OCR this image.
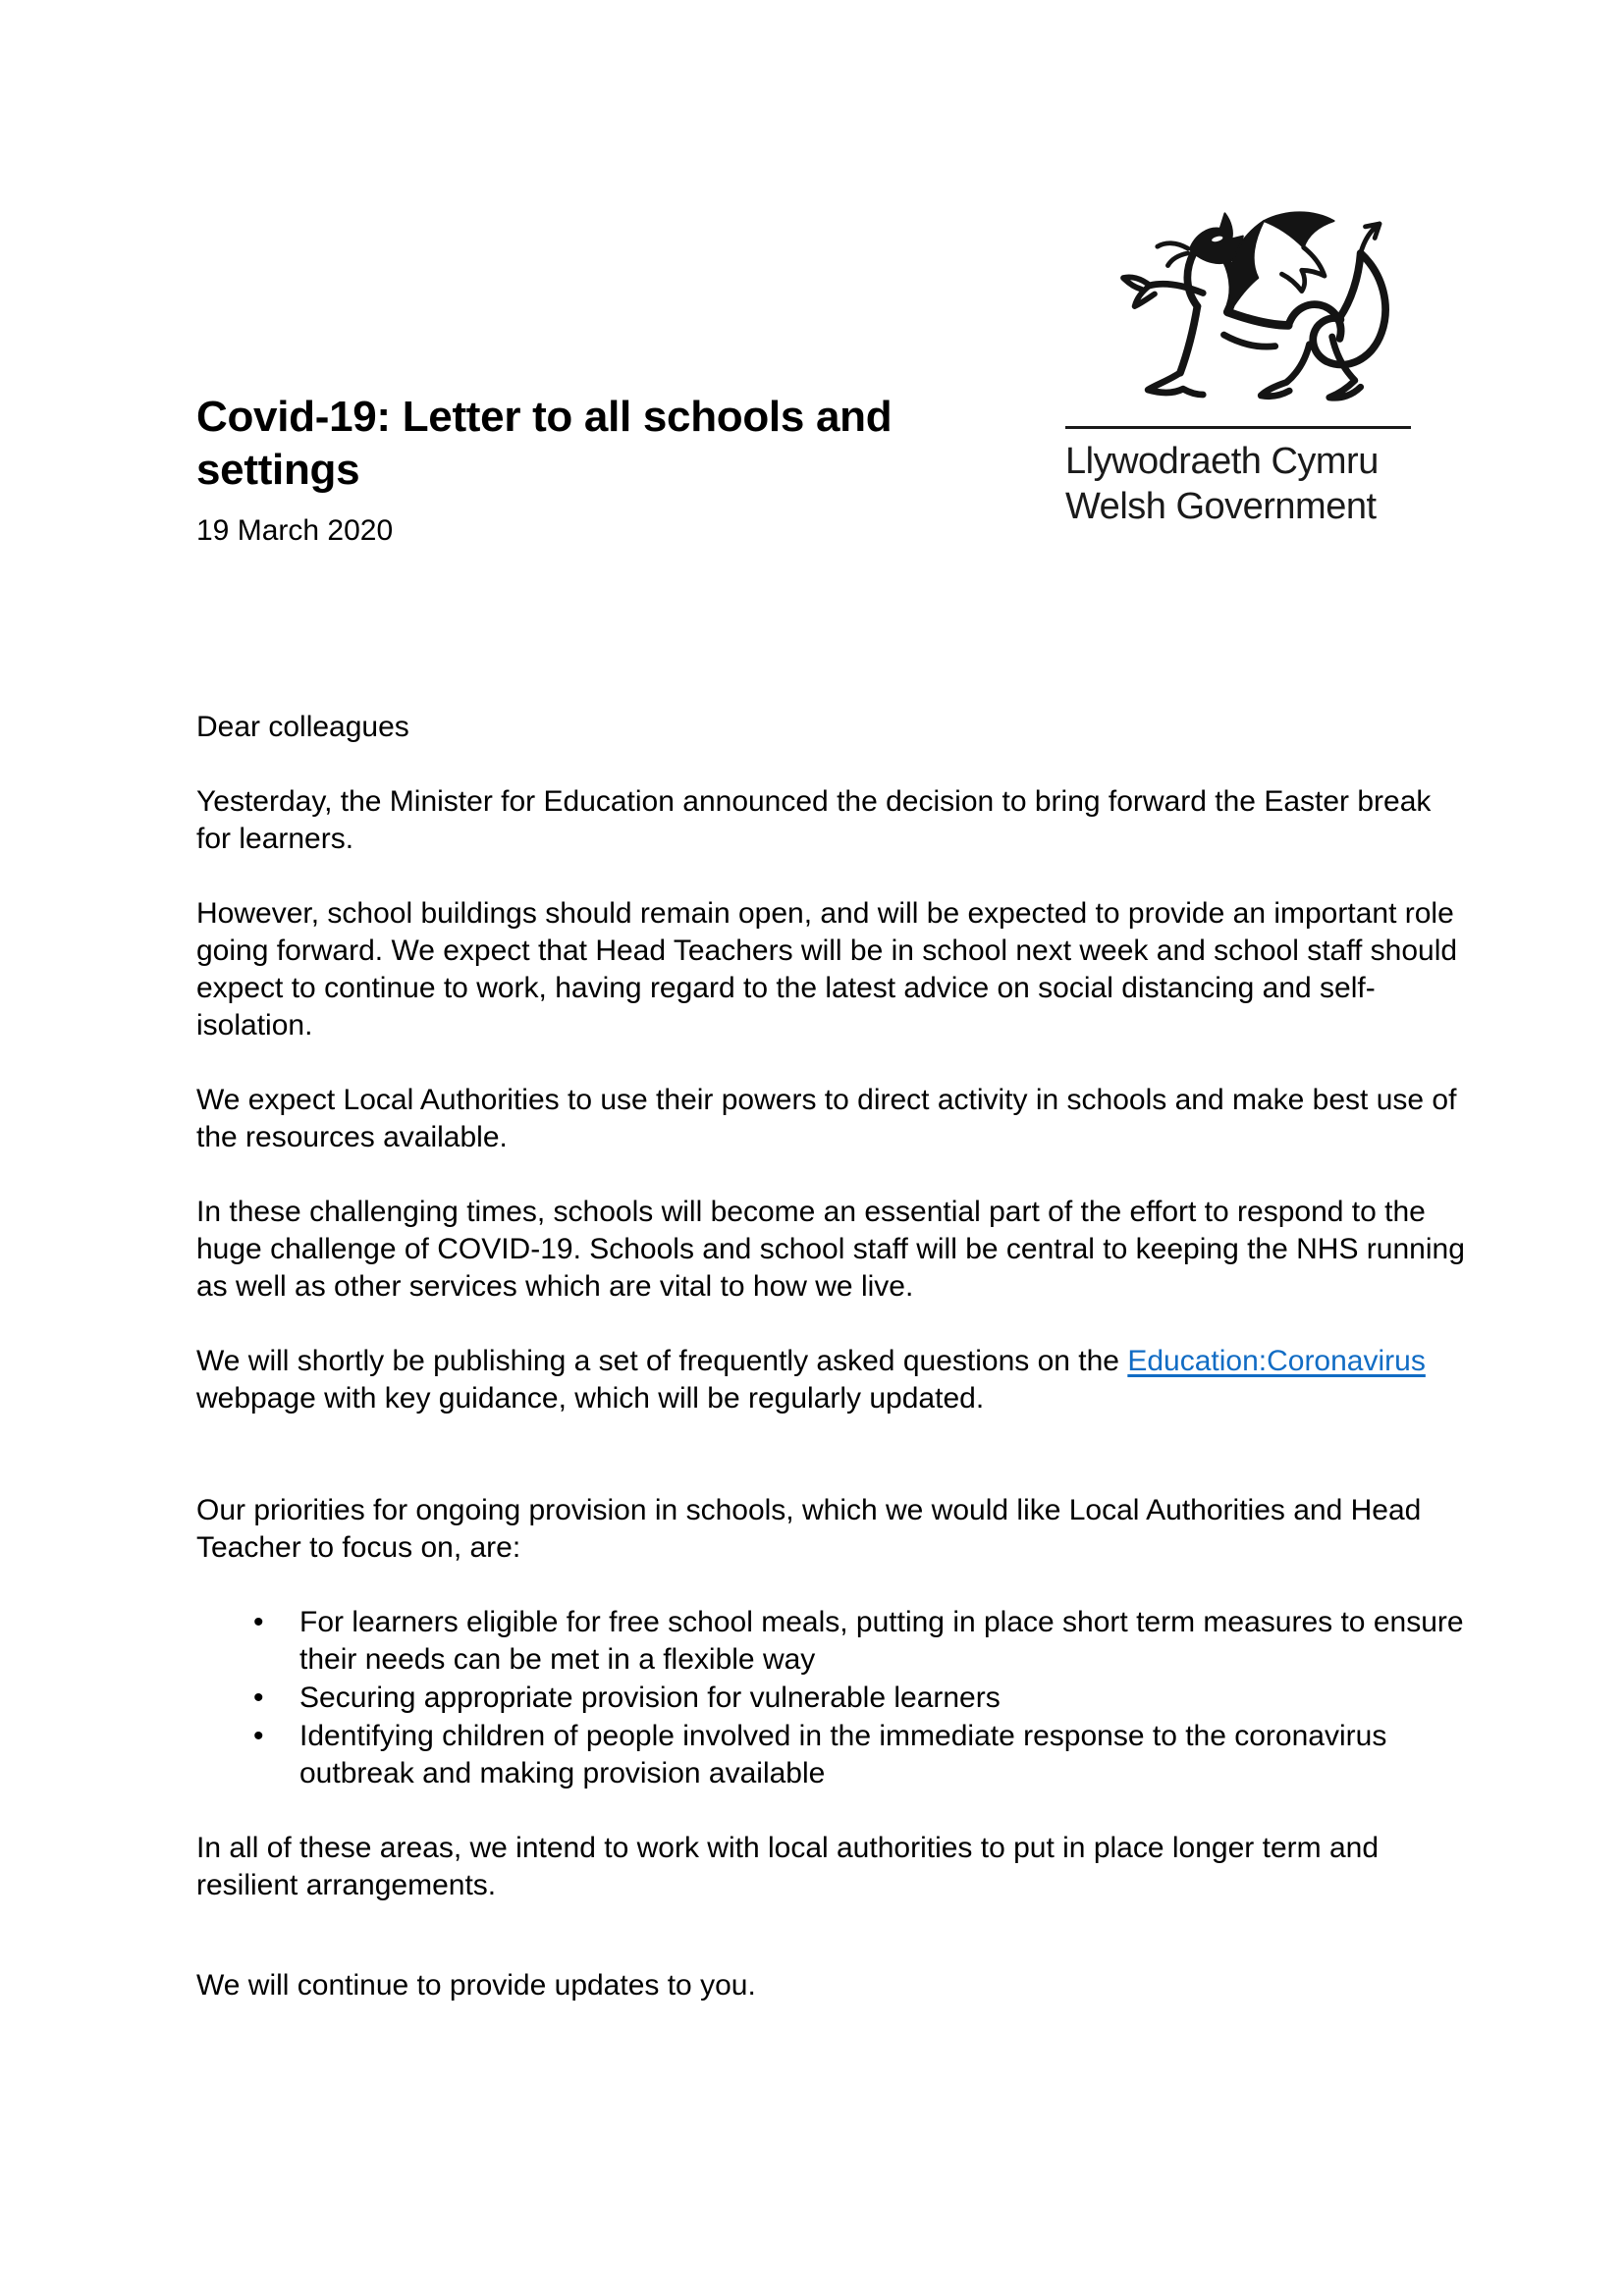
Covid-19: Letter to all schools and settings
19 March 2020
Llywodraeth Cymru
Welsh Government

Dear colleagues

Yesterday, the Minister for Education announced the decision to bring forward the Easter break for learners.

However, school buildings should remain open, and will be expected to provide an important role going forward. We expect that Head Teachers will be in school next week and school staff should expect to continue to work, having regard to the latest advice on social distancing and self-isolation.

We expect Local Authorities to use their powers to direct activity in schools and make best use of the resources available.

In these challenging times, schools will become an essential part of the effort to respond to the huge challenge of COVID-19. Schools and school staff will be central to keeping the NHS running as well as other services which are vital to how we live.

We will shortly be publishing a set of frequently asked questions on the Education:Coronavirus webpage with key guidance, which will be regularly updated.

Our priorities for ongoing provision in schools, which we would like Local Authorities and Head Teacher to focus on, are:

• For learners eligible for free school meals, putting in place short term measures to ensure their needs can be met in a flexible way
• Securing appropriate provision for vulnerable learners
• Identifying children of people involved in the immediate response to the coronavirus outbreak and making provision available

In all of these areas, we intend to work with local authorities to put in place longer term and resilient arrangements.

We will continue to provide updates to you.
